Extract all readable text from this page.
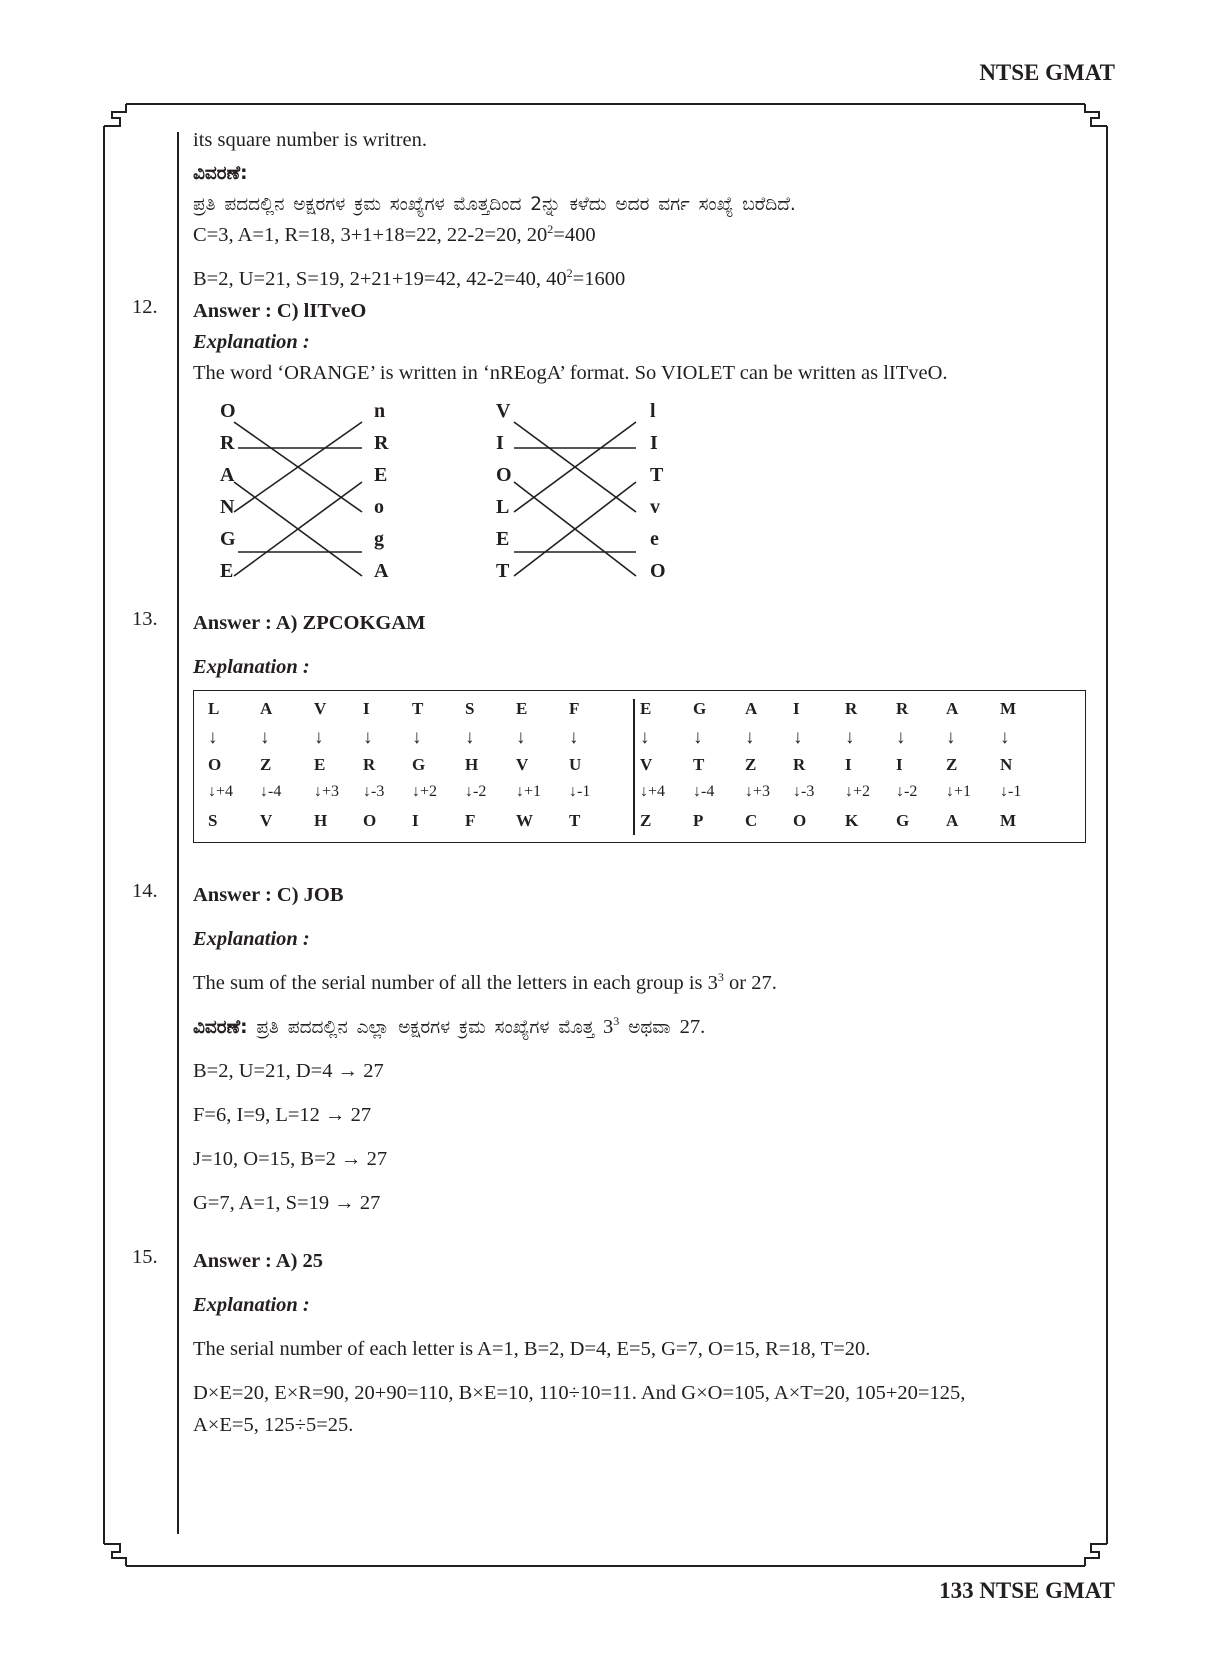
NTSE GMAT
12.
13.
14.
15.
its square number is writren.
ವಿವರಣೆ:
ಪ್ರತಿ ಪದದಲ್ಲಿನ ಅಕ್ಷರಗಳ ಕ್ರಮ ಸಂಖ್ಯೆಗಳ ಮೊತ್ತದಿಂದ 2ನ್ನು ಕಳೆದು ಅದರ ವರ್ಗ ಸಂಖ್ಯೆ ಬರೆದಿದೆ.
C=3, A=1, R=18, 3+1+18=22, 22-2=20, $20^2=400$
B=2, U=21, S=19, 2+21+19=42, 42-2=40, $40^2=1600$
Answer : C) lITveO
Explanation :
The word ‘ORANGE’ is written in ‘nREogA’ format. So VIOLET can be written as lITveO.
Answer : A) ZPCOKGAM
Explanation :
Answer : C) JOB
Explanation :
The sum of the serial number of all the letters in each group is $3^3$ or 27.
ವಿವರಣೆ: ಪ್ರತಿ ಪದದಲ್ಲಿನ ಎಲ್ಲಾ ಅಕ್ಷರಗಳ ಕ್ರಮ ಸಂಖ್ಯೆಗಳ ಮೊತ್ತ $3^3$ ಅಥವಾ 27.
B=2, U=21, D=4 → 27
F=6, I=9, L=12 → 27
J=10, O=15, B=2 → 27
G=7, A=1, S=19 → 27
Answer : A) 25
Explanation :
The serial number of each letter is A=1, B=2, D=4, E=5, G=7, O=15, R=18, T=20.
D×E=20, E×R=90, 20+90=110, B×E=10, 110÷10=11. And G×O=105, A×T=20, 105+20=125,
A×E=5, 125÷5=25.
O
R
A
N
G
E
n
R
E
o
g
A
V
I
O
L
E
T
l
I
T
v
e
O
L A V I T S E F	E G A I	R R A M
↓ ↓ ↓ ↓ ↓ ↓ ↓ ↓	↓ ↓ ↓ ↓ ↓ ↓ ↓ ↓
O Z	E R G H V U	V T Z R I	I	Z	N
↓+4 ↓-4 ↓+3 ↓-3 ↓+2 ↓-2 ↓+1 ↓-1	↓+4 ↓-4 ↓+3 ↓-3 ↓+2 ↓-2 ↓+1 ↓-1
S	V H O I	F W T	Z P C O K G A M
133 NTSE GMAT
